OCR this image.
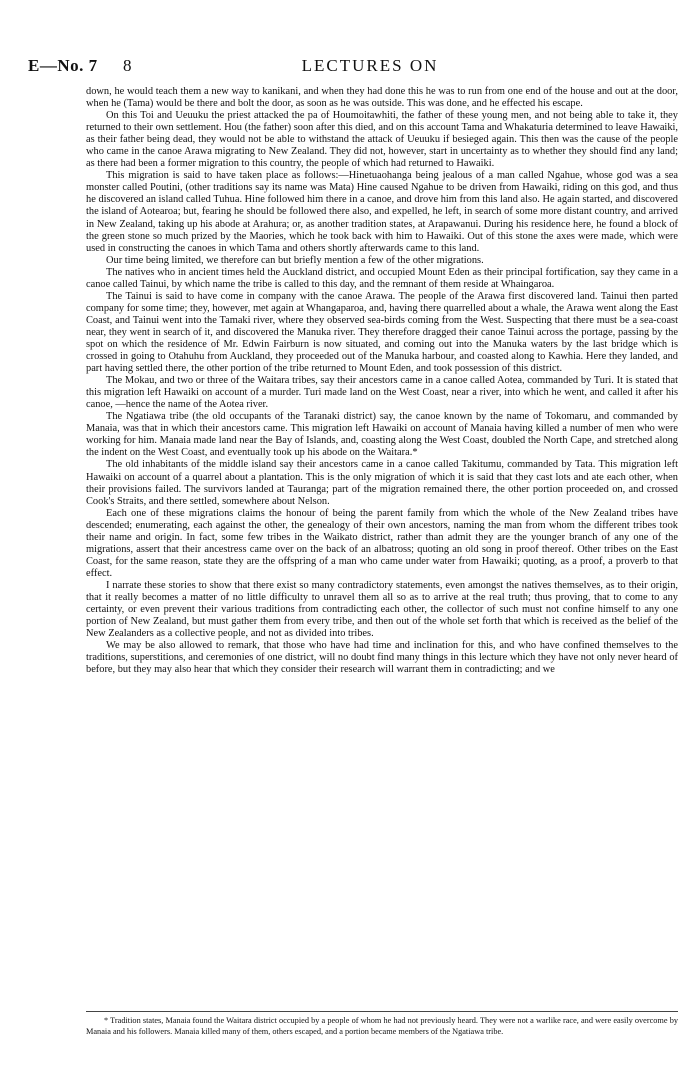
E—No. 7 8	LECTURES ON

down, he would teach them a new way to kanikani, and when they had done this he was to run from one end of the house and out at the door, when he (Tama) would be there and bolt the door, as soon as he was outside. This was done, and he effected his escape.

On this Toi and Ueuuku the priest attacked the pa of Houmoitawhiti, the father of these young men, and not being able to take it, they returned to their own settlement. Hou (the father) soon after this died, and on this account Tama and Whakaturia determined to leave Hawaiki, as their father being dead, they would not be able to withstand the attack of Ueuuku if besieged again. This then was the cause of the people who came in the canoe Arawa migrating to New Zealand. They did not, however, start in uncertainty as to whether they should find any land; as there had been a former migration to this country, the people of which had returned to Hawaiki.

This migration is said to have taken place as follows:—Hinetuaohanga being jealous of a man called Ngahue, whose god was a sea monster called Poutini, (other traditions say its name was Mata) Hine caused Ngahue to be driven from Hawaiki, riding on this god, and thus he discovered an island called Tuhua. Hine followed him there in a canoe, and drove him from this land also. He again started, and discovered the island of Aotearoa; but, fearing he should be followed there also, and expelled, he left, in search of some more distant country, and arrived in New Zealand, taking up his abode at Arahura; or, as another tradition states, at Arapawanui. During his residence here, he found a block of the green stone so much prized by the Maories, which he took back with him to Hawaiki. Out of this stone the axes were made, which were used in constructing the canoes in which Tama and others shortly afterwards came to this land.

Our time being limited, we therefore can but briefly mention a few of the other migrations.

The natives who in ancient times held the Auckland district, and occupied Mount Eden as their principal fortification, say they came in a canoe called Tainui, by which name the tribe is called to this day, and the remnant of them reside at Whaingaroa.

The Tainui is said to have come in company with the canoe Arawa. The people of the Arawa first discovered land. Tainui then parted company for some time; they, however, met again at Whangaparoa, and, having there quarrelled about a whale, the Arawa went along the East Coast, and Tainui went into the Tamaki river, where they observed sea-birds coming from the West. Suspecting that there must be a sea-coast near, they went in search of it, and discovered the Manuka river. They therefore dragged their canoe Tainui across the portage, passing by the spot on which the residence of Mr. Edwin Fairburn is now situated, and coming out into the Manuka waters by the last bridge which is crossed in going to Otahuhu from Auckland, they proceeded out of the Manuka harbour, and coasted along to Kawhia. Here they landed, and part having settled there, the other portion of the tribe returned to Mount Eden, and took possession of this district.

The Mokau, and two or three of the Waitara tribes, say their ancestors came in a canoe called Aotea, commanded by Turi. It is stated that this migration left Hawaiki on account of a murder. Turi made land on the West Coast, near a river, into which he went, and called it after his canoe, —hence the name of the Aotea river.

The Ngatiawa tribe (the old occupants of the Taranaki district) say, the canoe known by the name of Tokomaru, and commanded by Manaia, was that in which their ancestors came. This migration left Hawaiki on account of Manaia having killed a number of men who were working for him. Manaia made land near the Bay of Islands, and, coasting along the West Coast, doubled the North Cape, and stretched along the indent on the West Coast, and eventually took up his abode on the Waitara.*

The old inhabitants of the middle island say their ancestors came in a canoe called Takitumu, commanded by Tata. This migration left Hawaiki on account of a quarrel about a plantation. This is the only migration of which it is said that they cast lots and ate each other, when their provisions failed. The survivors landed at Tauranga; part of the migration remained there, the other portion proceeded on, and crossed Cook's Straits, and there settled, somewhere about Nelson.

Each one of these migrations claims the honour of being the parent family from which the whole of the New Zealand tribes have descended; enumerating, each against the other, the genealogy of their own ancestors, naming the man from whom the different tribes took their name and origin. In fact, some few tribes in the Waikato district, rather than admit they are the younger branch of any one of the migrations, assert that their ancestress came over on the back of an albatross; quoting an old song in proof thereof. Other tribes on the East Coast, for the same reason, state they are the offspring of a man who came under water from Hawaiki; quoting, as a proof, a proverb to that effect.

I narrate these stories to show that there exist so many contradictory statements, even amongst the natives themselves, as to their origin, that it really becomes a matter of no little difficulty to unravel them all so as to arrive at the real truth; thus proving, that to come to any certainty, or even prevent their various traditions from contradicting each other, the collector of such must not confine himself to any one portion of New Zealand, but must gather them from every tribe, and then out of the whole set forth that which is received as the belief of the New Zealanders as a collective people, and not as divided into tribes.

We may be also allowed to remark, that those who have had time and inclination for this, and who have confined themselves to the traditions, superstitions, and ceremonies of one district, will no doubt find many things in this lecture which they have not only never heard of before, but they may also hear that which they consider their research will warrant them in contradicting; and we

* Tradition states, Manaia found the Waitara district occupied by a people of whom he had not previously heard. They were not a warlike race, and were easily overcome by Manaia and his followers. Manaia killed many of them, others escaped, and a portion became members of the Ngatiawa tribe.
